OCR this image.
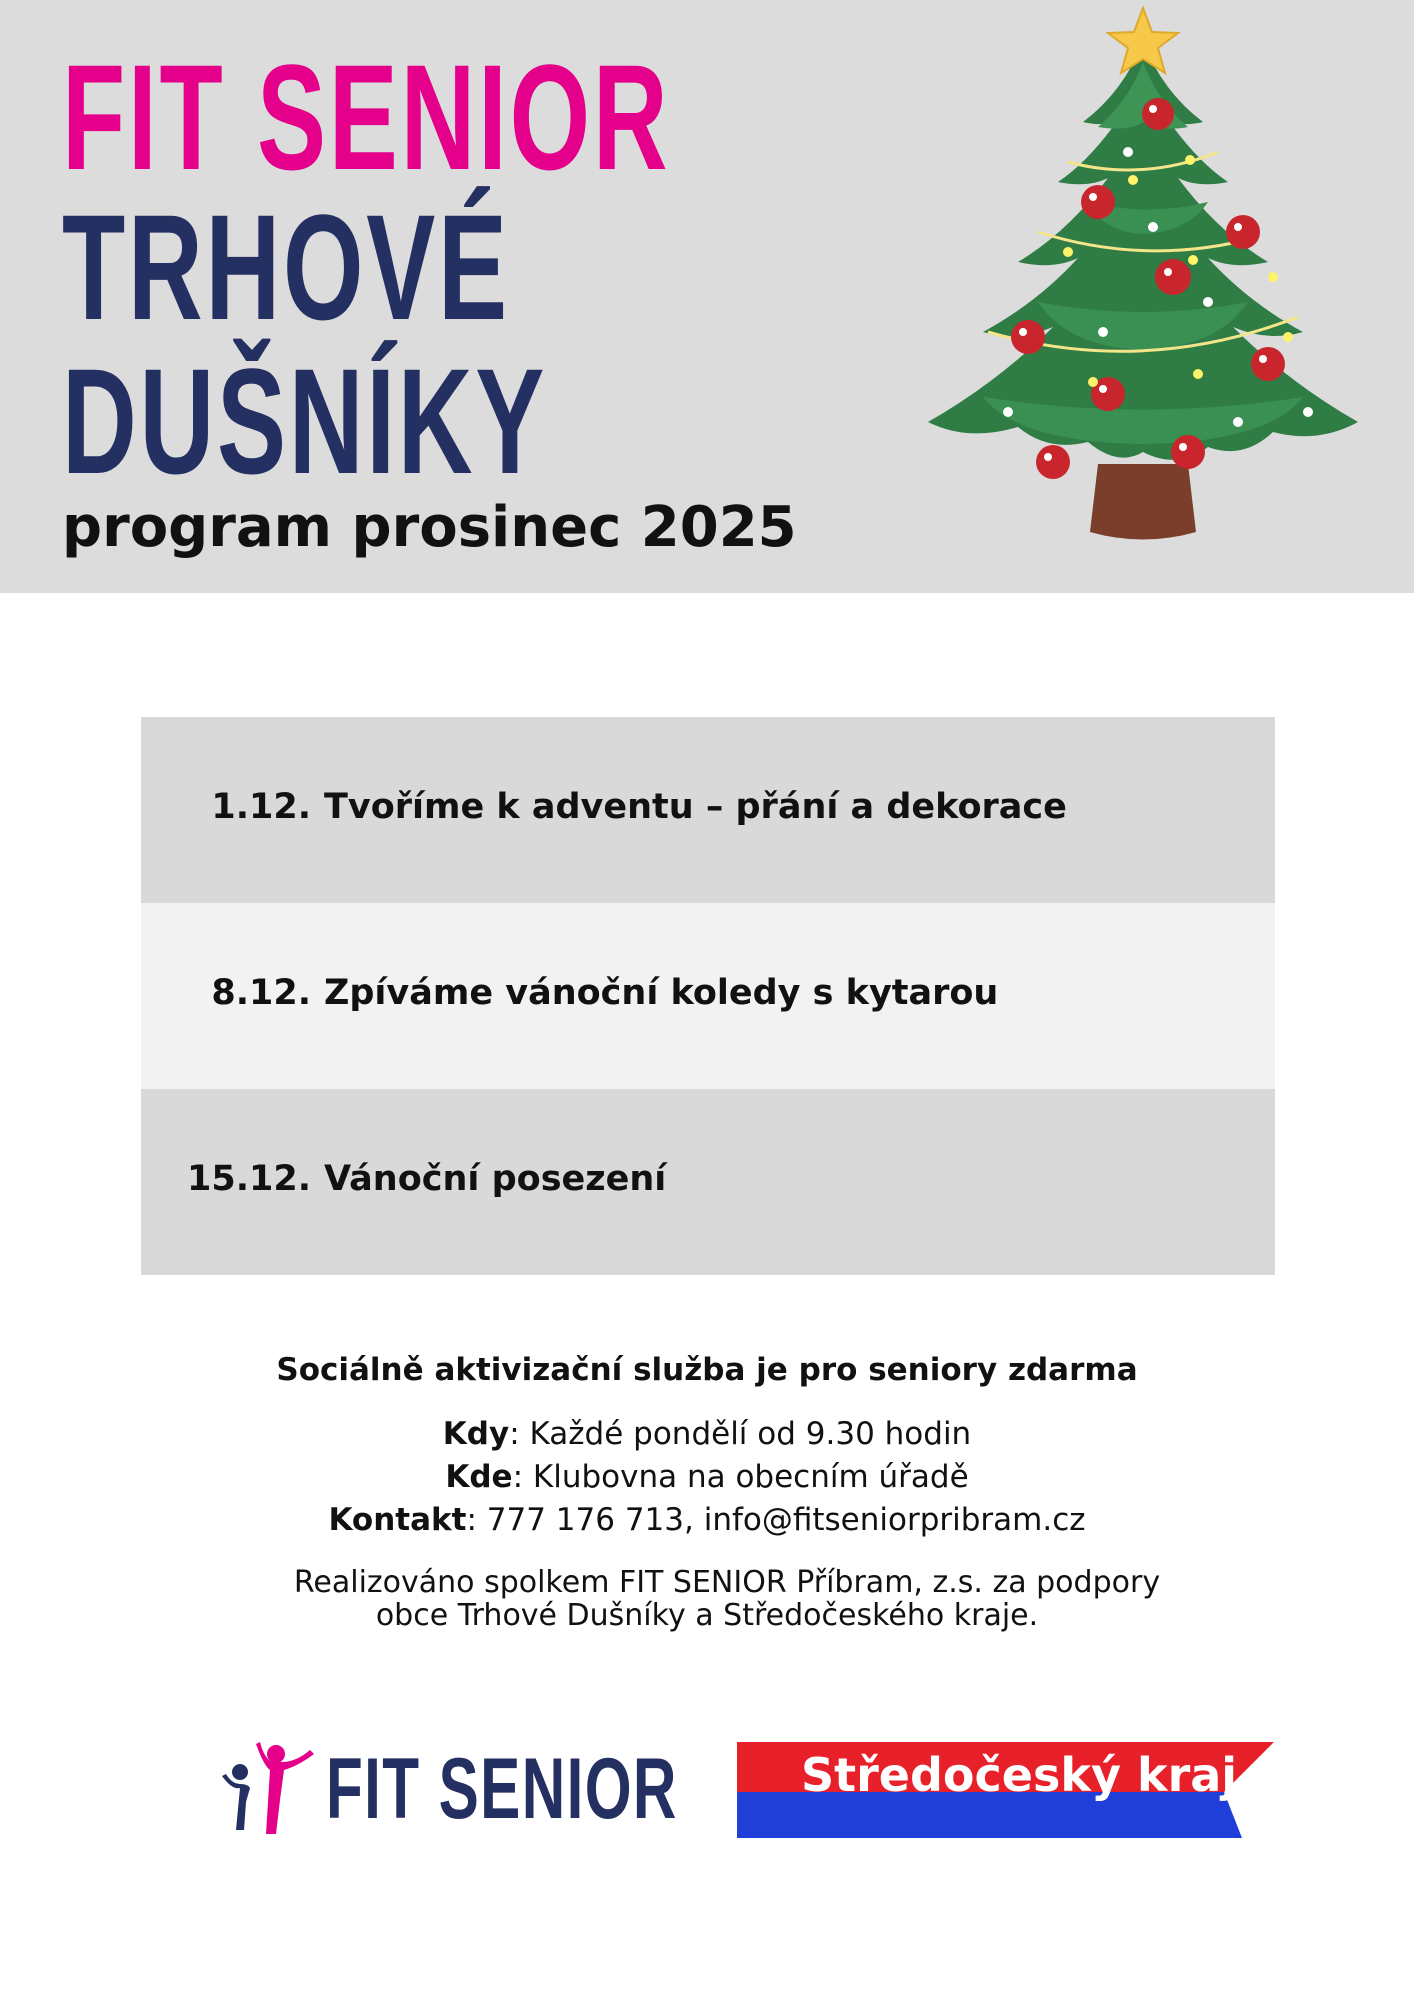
FIT SENIOR
TRHOVÉ
DUŠNÍKY
program prosinec 2025
1.12. Tvoříme k adventu – přání a dekorace
8.12. Zpíváme vánoční koledy s kytarou
15.12. Vánoční posezení
Sociálně aktivizační služba je pro seniory zdarma
Kdy: Každé pondělí od 9.30 hodin
Kde: Klubovna na obecním úřadě
Kontakt: 777 176 713, info@fitseniorpribram.cz
Realizováno spolkem FIT SENIOR Příbram, z.s. za podpory
obce Trhové Dušníky a Středočeského kraje.
FIT SENIOR	Středočeský kraj
